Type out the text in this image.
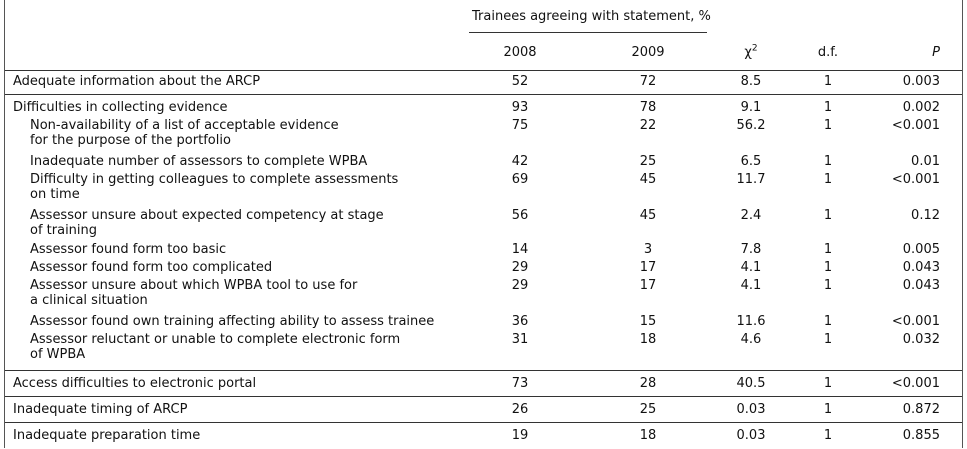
Trainees agreeing with statement, %
2008	2009	$\chi^2$	d.f.	P
Adequate information about the ARCP	52	72	8.5	1	0.003
Difficulties in collecting evidence	93	78	9.1	1	0.002
Non-availability of a list of acceptable evidence
for the purpose of the portfolio
75	22	56.2	1	<0.001
Inadequate number of assessors to complete WPBA	42	25	6.5	1	0.01
Difficulty in getting colleagues to complete assessments
on time
69	45	11.7	1	<0.001
Assessor unsure about expected competency at stage
of training
56	45	2.4	1	0.12
Assessor found form too basic	14	3	7.8	1	0.005
Assessor found form too complicated	29	17	4.1	1	0.043
Assessor unsure about which WPBA tool to use for
a clinical situation
29	17	4.1	1	0.043
Assessor found own training affecting ability to assess trainee	36	15	11.6	1	<0.001
Assessor reluctant or unable to complete electronic form
of WPBA
31	18	4.6	1	0.032
Access difficulties to electronic portal	73	28	40.5	1	<0.001
Inadequate timing of ARCP	26	25	0.03	1	0.872
Inadequate preparation time	19	18	0.03	1	0.855
